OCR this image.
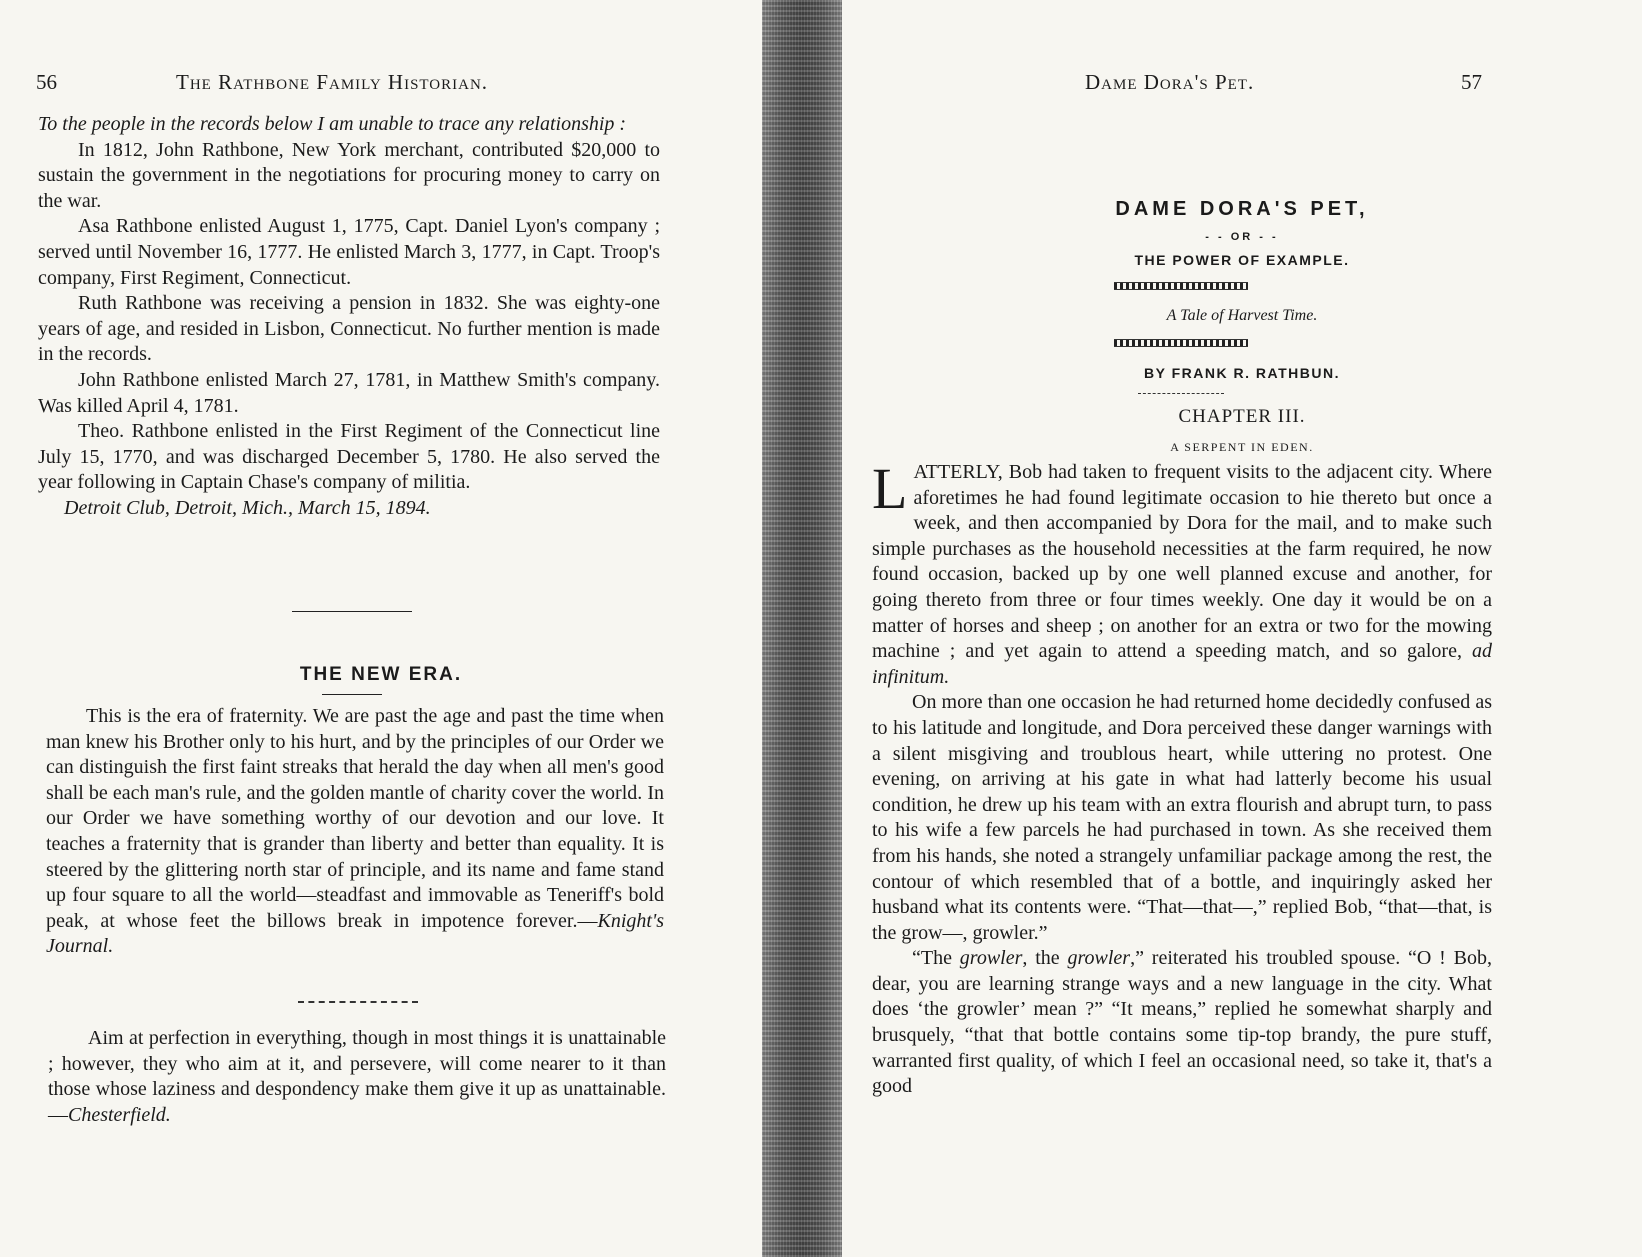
56	The Rathbone Family Historian.

To the people in the records below I am unable to trace any relationship :

In 1812, John Rathbone, New York merchant, contributed $20,000 to sustain the government in the negotiations for procuring money to carry on the war.

Asa Rathbone enlisted August 1, 1775, Capt. Daniel Lyon's company ; served until November 16, 1777. He enlisted March 3, 1777, in Capt. Troop's company, First Regiment, Connecticut.

Ruth Rathbone was receiving a pension in 1832. She was eighty-one years of age, and resided in Lisbon, Connecticut. No further mention is made in the records.

John Rathbone enlisted March 27, 1781, in Matthew Smith's company. Was killed April 4, 1781.

Theo. Rathbone enlisted in the First Regiment of the Connecticut line July 15, 1770, and was discharged December 5, 1780. He also served the year following in Captain Chase's company of militia.

Detroit Club, Detroit, Mich., March 15, 1894.

THE NEW ERA.

This is the era of fraternity. We are past the age and past the time when man knew his Brother only to his hurt, and by the principles of our Order we can distinguish the first faint streaks that herald the day when all men's good shall be each man's rule, and the golden mantle of charity cover the world. In our Order we have something worthy of our devotion and our love. It teaches a fraternity that is grander than liberty and better than equality. It is steered by the glittering north star of principle, and its name and fame stand up four square to all the world—steadfast and immovable as Teneriff's bold peak, at whose feet the billows break in impotence forever.—Knight's Journal.

Aim at perfection in everything, though in most things it is unattainable ; however, they who aim at it, and persevere, will come nearer to it than those whose laziness and despondency make them give it up as unattainable.—Chesterfield.

Dame Dora's Pet.	57
DAME DORA'S PET,
- - OR - -
THE POWER OF EXAMPLE.
A Tale of Harvest Time.
BY FRANK R. RATHBUN.
CHAPTER III.
A SERPENT IN EDEN.

LATTERLY, Bob had taken to frequent visits to the adjacent city. Where aforetimes he had found legitimate occasion to hie thereto but once a week, and then accompanied by Dora for the mail, and to make such simple purchases as the household necessities at the farm required, he now found occasion, backed up by one well planned excuse and another, for going thereto from three or four times weekly. One day it would be on a matter of horses and sheep ; on another for an extra or two for the mowing machine ; and yet again to attend a speeding match, and so galore, ad infinitum.

On more than one occasion he had returned home decidedly confused as to his latitude and longitude, and Dora perceived these danger warnings with a silent misgiving and troublous heart, while uttering no protest. One evening, on arriving at his gate in what had latterly become his usual condition, he drew up his team with an extra flourish and abrupt turn, to pass to his wife a few parcels he had purchased in town. As she received them from his hands, she noted a strangely unfamiliar package among the rest, the contour of which resembled that of a bottle, and inquiringly asked her husband what its contents were. “That—that—,” replied Bob, “that—that, is the grow—, growler.”

“The growler, the growler,” reiterated his troubled spouse. “O ! Bob, dear, you are learning strange ways and a new language in the city. What does ‘the growler’ mean ?” “It means,” replied he somewhat sharply and brusquely, “that that bottle contains some tip-top brandy, the pure stuff, warranted first quality, of which I feel an occasional need, so take it, that's a good
